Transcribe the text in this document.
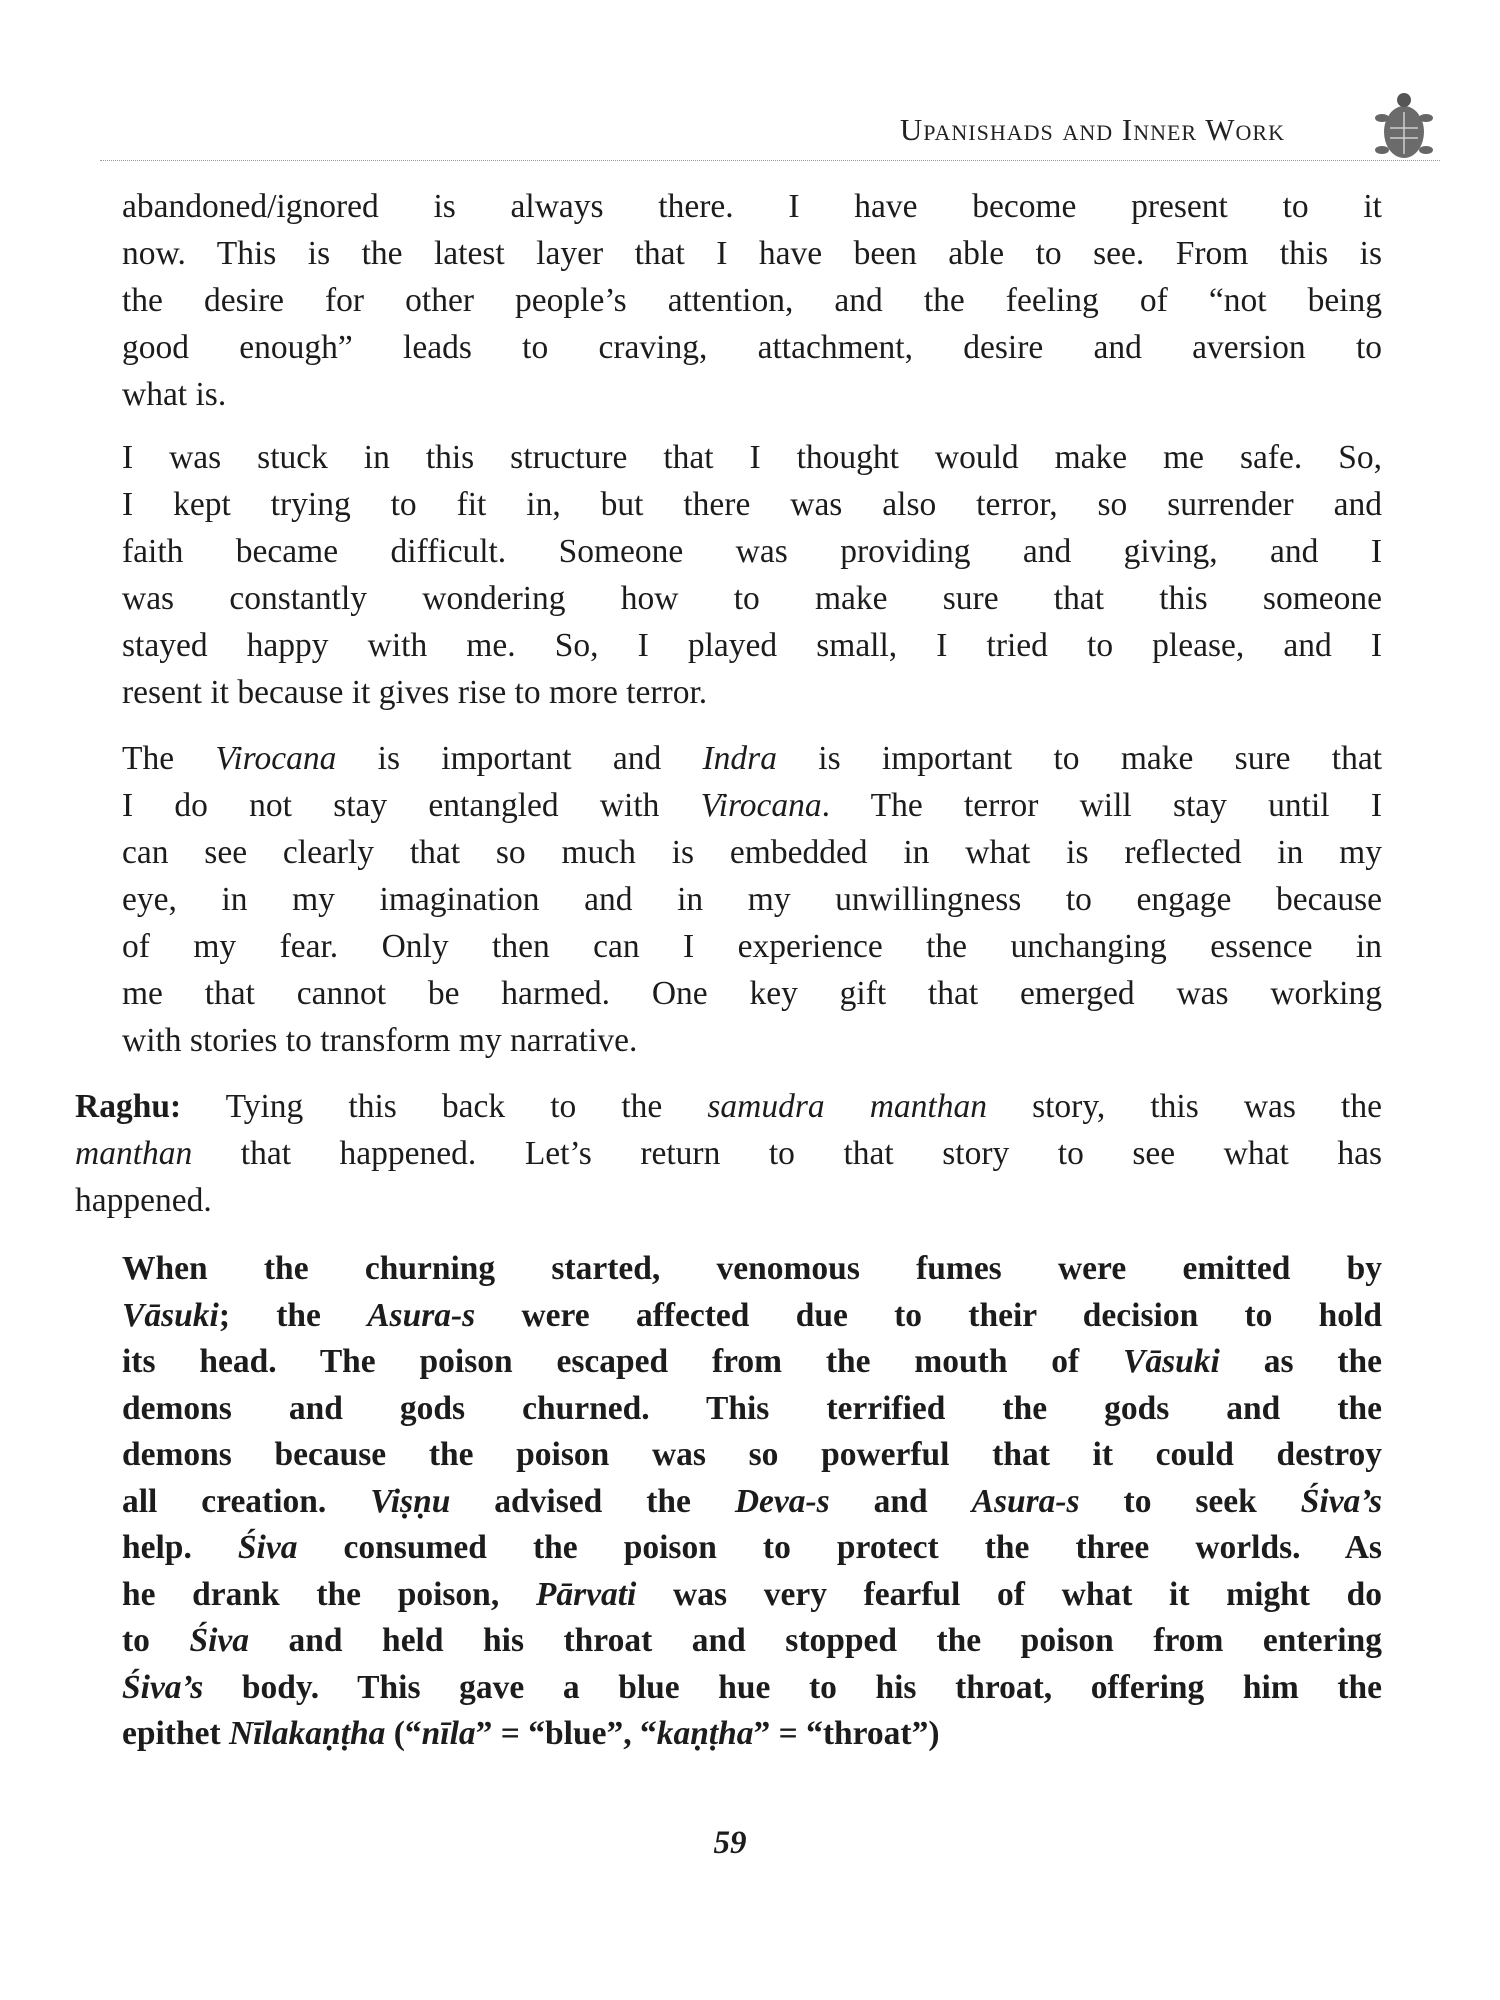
Upanishads and Inner Work
abandoned/ignored is always there. I have become present to it
now. This is the latest layer that I have been able to see. From this is
the desire for other people’s attention, and the feeling of “not being
good enough” leads to craving, attachment, desire and aversion to
what is.
I was stuck in this structure that I thought would make me safe. So,
I kept trying to fit in, but there was also terror, so surrender and
faith became difficult. Someone was providing and giving, and I
was constantly wondering how to make sure that this someone
stayed happy with me. So, I played small, I tried to please, and I
resent it because it gives rise to more terror.
The Virocana is important and Indra is important to make sure that
I do not stay entangled with Virocana. The terror will stay until I
can see clearly that so much is embedded in what is reflected in my
eye, in my imagination and in my unwillingness to engage because
of my fear. Only then can I experience the unchanging essence in
me that cannot be harmed. One key gift that emerged was working
with stories to transform my narrative.
Raghu: Tying this back to the samudra manthan story, this was the
manthan that happened. Let’s return to that story to see what has
happened.
When the churning started, venomous fumes were emitted by
Vāsuki; the Asura-s were affected due to their decision to hold
its head. The poison escaped from the mouth of Vāsuki as the
demons and gods churned. This terrified the gods and the
demons because the poison was so powerful that it could destroy
all creation. Viṣṇu advised the Deva-s and Asura-s to seek Śiva’s
help. Śiva consumed the poison to protect the three worlds. As
he drank the poison, Pārvati was very fearful of what it might do
to Śiva and held his throat and stopped the poison from entering
Śiva’s body. This gave a blue hue to his throat, offering him the
epithet Nīlakaṇṭha (“nīla” = “blue”, “kaṇṭha” = “throat”)
59
